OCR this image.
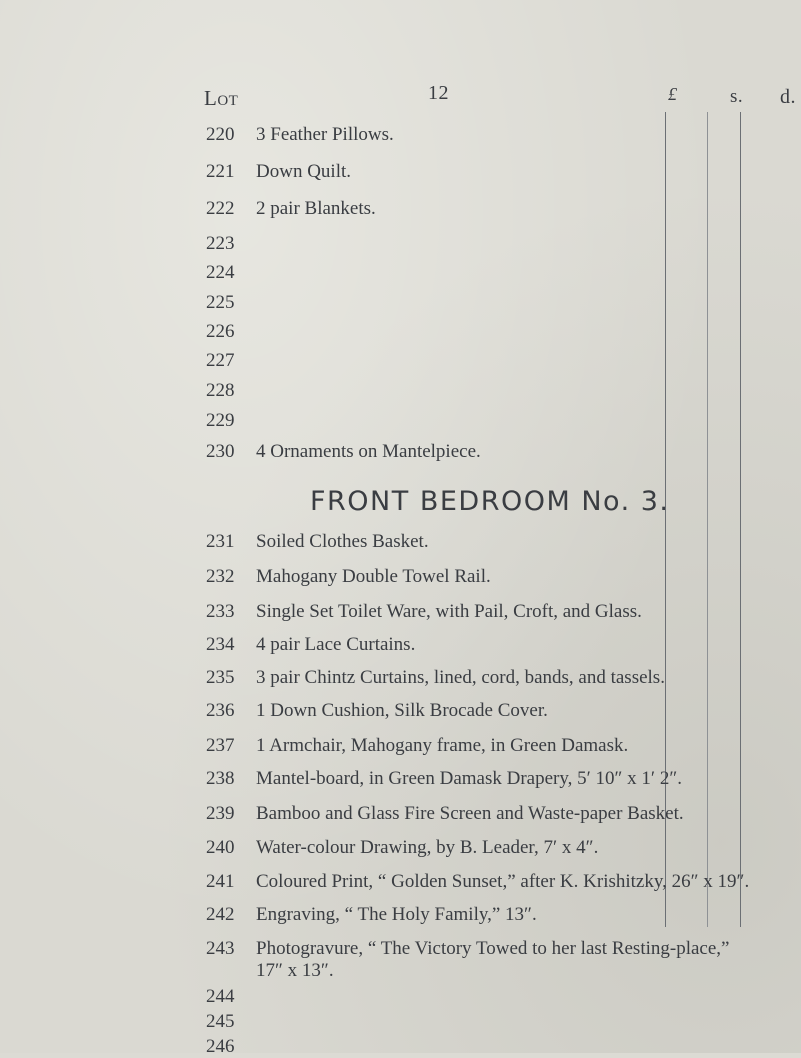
Lot	12	£	s. d.
220 3 Feather Pillows.
221 Down Quilt.
222 2 pair Blankets.
223
224
225
226
227
228
229
230 4 Ornaments on Mantelpiece.
FRONT BEDROOM No. 3.
231 Soiled Clothes Basket.
232 Mahogany Double Towel Rail.
233 Single Set Toilet Ware, with Pail, Croft, and Glass.
234 4 pair Lace Curtains.
235 3 pair Chintz Curtains, lined, cord, bands, and tassels.
236 1 Down Cushion, Silk Brocade Cover.
237 1 Armchair, Mahogany frame, in Green Damask.
238 Mantel-board, in Green Damask Drapery, 5′ 10″ x 1′ 2″.
239 Bamboo and Glass Fire Screen and Waste-paper Basket.
240 Water-colour Drawing, by B. Leader, 7′ x 4″.
241 Coloured Print, “ Golden Sunset,” after K. Krishitzky, 26″ x 19″.
242 Engraving, “ The Holy Family,” 13″.
243 Photogravure, “ The Victory Towed to her last Resting-place,”
17″ x 13″.
244
245
246
